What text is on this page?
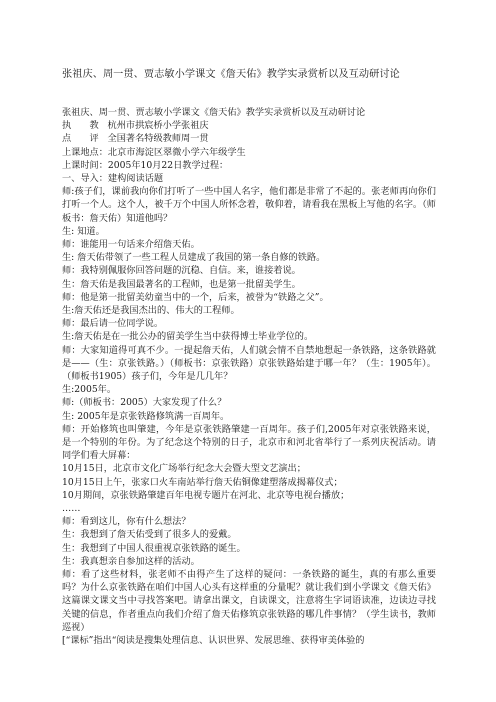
张祖庆、周一贯、贾志敏小学课文《詹天佑》教学实录赏析以及互动研讨论
张祖庆、周一贯、贾志敏小学课文《詹天佑》教学实录赏析以及互动研讨论
执　　教 杭州市拱宸桥小学张祖庆
点　　评 全国著名特级教师周一贯
上课地点：北京市海淀区翠微小学六年级学生
上课时间：2005年10月22日教学过程：
一、导入：建构阅读话题
师:孩子们，课前我向你们打听了一些中国人名字，他们都是非常了不起的。张老师再向你们打听一个人。这个人，被千万个中国人所怀念着，敬仰着，请看我在黑板上写他的名字。（师板书：詹天佑）知道他吗？
生: 知道。
师：谁能用一句话来介绍詹天佑。
生: 詹天佑带领了一些工程人员建成了我国的第一条自修的铁路。
师：我特别佩服你回答问题的沉稳、自信。来，谁接着说。
生：詹天佑是我国最著名的工程师，也是第一批留美学生。
师：他是第一批留美幼童当中的一个，后来，被誉为“铁路之父”。
生:詹天佑还是我国杰出的、伟大的工程师。
师：最后请一位同学说。
生:詹天佑是在一批公办的留美学生当中获得博士毕业学位的。
师：大家知道得可真不少。一提起詹天佑，人们就会情不自禁地想起一条铁路，这条铁路就是——（生：京张铁路。）（师板书：京张铁路）京张铁路始建于哪一年？（生：1905年）。（师板书1905）孩子们，今年是几几年？
生:2005年。
师:（师板书：2005）大家发现了什么？
生: 2005年是京张铁路修筑满一百周年。
师：开始修筑也叫肇建，今年是京张铁路肇建一百周年。孩子们,2005年对京张铁路来说，是一个特别的年份。为了纪念这个特别的日子，北京市和河北省举行了一系列庆祝活动。请同学们看大屏幕：
10月15日，北京市文化广场举行纪念大会暨大型文艺演出；
10月15日上午，张家口火车南站举行詹天佑铜像建塑落成揭幕仪式；
10月期间，京张铁路肇建百年电视专题片在河北、北京等电视台播放；
……
师：看到这儿，你有什么想法？
生：我想到了詹天佑受到了很多人的爱戴。
生：我想到了中国人很重视京张铁路的诞生。
生：我真想亲自参加这样的活动。
师：看了这些材料，张老师不由得产生了这样的疑问：一条铁路的诞生，真的有那么重要吗？为什么京张铁路在咱们中国人心头有这样重的分量呢？就让我们到小学课文《詹天佑》这篇课文课文当中寻找答案吧。请拿出课文，自读课文，注意将生字词语读准，边读边寻找关键的信息，作者重点向我们介绍了詹天佑修筑京张铁路的哪几件事情？（学生读书，教师巡视）
[“课标”指出“阅读是搜集处理信息、认识世界、发展思维、获得审美体验的
